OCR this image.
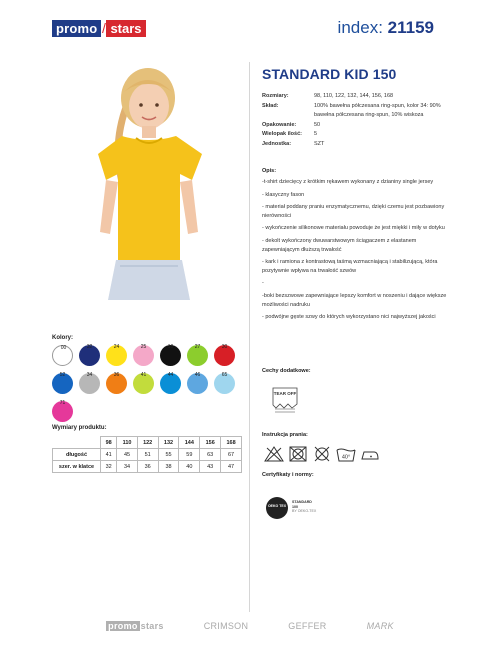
promo / stars	index: 21159
Kolory:
00	32	24	25	10	27	30
52	34	36	41	44	46	65
71
Wymiary produktu:
	98	110	122	132	144	156	168
długość	41	45	51	55	59	63	67
szer. w klatce	32	34	36	38	40	43	47
STANDARD KID 150
Rozmiary:	98, 110, 122, 132, 144, 156, 168
Skład:	100% bawełna półczesana ring-spun, kolor 34: 90% bawełna półczesana ring-spun, 10% wiskoza
Opakowanie:	50
Wielopak ilość:	5
Jednostka:	SZT
Opis:

-t-shirt dziecięcy z krótkim rękawem wykonany z dzianiny single jersey

- klasyczny fason

- materiał poddany praniu enzymatycznemu, dzięki czemu jest pozbawiony nierówności

- wykończenie silikonowe materiału powoduje że jest miękki i miły w dotyku

- dekolt wykończony dwuwarstwowym ściągaczem z elastanem zapewniającym dłuższą trwałość

- kark i ramiona z kontrastową taśmą wzmacniającą i stabilizującą, która pozytywnie wpływa na trwałość szwów

-

-boki bezszwowe zapewniające lepszy komfort w noszeniu i dające większe możliwości nadruku

- podwójne gęste szwy do których wykorzystano nici najwyższej jakości

Cechy dodatkowe:
TEAR OFF
Instrukcja prania:
40°
Certyfikaty i normy:
OEKO TEX
STANDARD
100
BY OEKO-TEX
promo stars	CRIMSON	GEFFER	MARK
